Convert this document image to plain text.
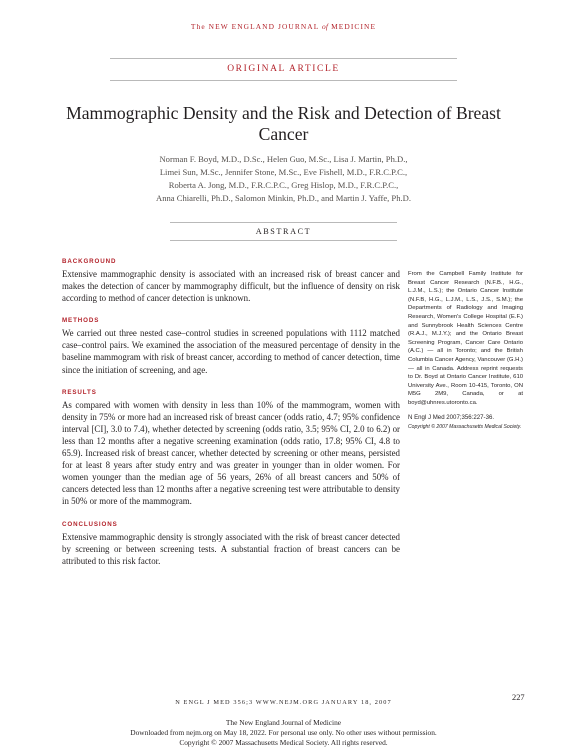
The NEW ENGLAND JOURNAL of MEDICINE
ORIGINAL ARTICLE
Mammographic Density and the Risk and Detection of Breast Cancer
Norman F. Boyd, M.D., D.Sc., Helen Guo, M.Sc., Lisa J. Martin, Ph.D.,
Limei Sun, M.Sc., Jennifer Stone, M.Sc., Eve Fishell, M.D., F.R.C.P.C.,
Roberta A. Jong, M.D., F.R.C.P.C., Greg Hislop, M.D., F.R.C.P.C.,
Anna Chiarelli, Ph.D., Salomon Minkin, Ph.D., and Martin J. Yaffe, Ph.D.
ABSTRACT
BACKGROUND
Extensive mammographic density is associated with an increased risk of breast cancer and makes the detection of cancer by mammography difficult, but the influence of density on risk according to method of cancer detection is unknown.
METHODS
We carried out three nested case–control studies in screened populations with 1112 matched case–control pairs. We examined the association of the measured percentage of density in the baseline mammogram with risk of breast cancer, according to method of cancer detection, time since the initiation of screening, and age.
RESULTS
As compared with women with density in less than 10% of the mammogram, women with density in 75% or more had an increased risk of breast cancer (odds ratio, 4.7; 95% confidence interval [CI], 3.0 to 7.4), whether detected by screening (odds ratio, 3.5; 95% CI, 2.0 to 6.2) or less than 12 months after a negative screening examination (odds ratio, 17.8; 95% CI, 4.8 to 65.9). Increased risk of breast cancer, whether detected by screening or other means, persisted for at least 8 years after study entry and was greater in younger than in older women. For women younger than the median age of 56 years, 26% of all breast cancers and 50% of cancers detected less than 12 months after a negative screening test were attributable to density in 50% or more of the mammogram.
CONCLUSIONS
Extensive mammographic density is strongly associated with the risk of breast cancer detected by screening or between screening tests. A substantial fraction of breast cancers can be attributed to this risk factor.

From the Campbell Family Institute for Breast Cancer Research (N.F.B., H.G., L.J.M., L.S.); the Ontario Cancer Institute (N.F.B, H.G., L.J.M., L.S., J.S., S.M.); the Departments of Radiology and Imaging Research, Women's College Hospital (E.F.) and Sunnybrook Health Sciences Centre (R.A.J., M.J.Y.); and the Ontario Breast Screening Program, Cancer Care Ontario (A.C.) — all in Toronto; and the British Columbia Cancer Agency, Vancouver (G.H.) — all in Canada. Address reprint requests to Dr. Boyd at Ontario Cancer Institute, 610 University Ave., Room 10-415, Toronto, ON M5G 2M9, Canada, or at boyd@uhnres.utoronto.ca.

N Engl J Med 2007;356:227-36.

Copyright © 2007 Massachusetts Medical Society.

N ENGL J MED 356;3 WWW.NEJM.ORG JANUARY 18, 2007
227
The New England Journal of Medicine
Downloaded from nejm.org on May 18, 2022. For personal use only. No other uses without permission.
Copyright © 2007 Massachusetts Medical Society. All rights reserved.
